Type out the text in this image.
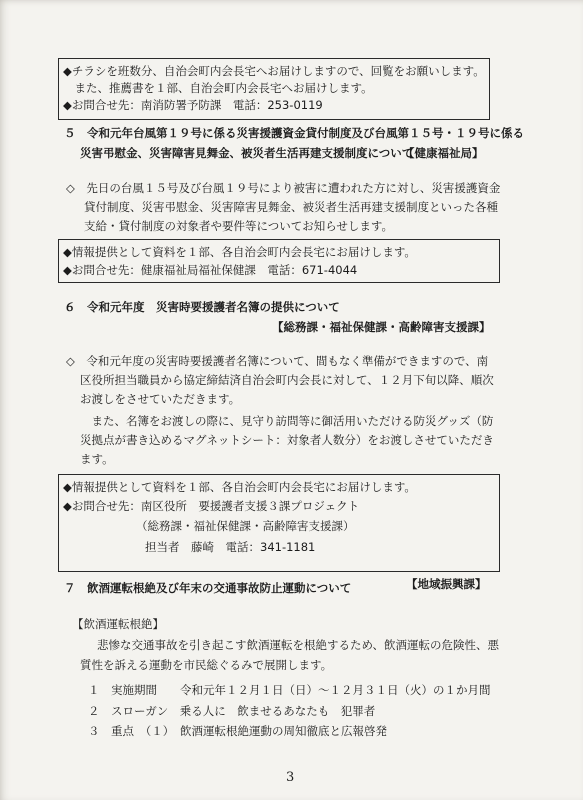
◆チラシを班数分、自治会町内会長宅へお届けしますので、回覧をお願いします。
　また、推薦書を１部、自治会町内会長宅へお届けします。
◆お問合せ先：南消防署予防課　電話：253-0119
５　令和元年台風第１９号に係る災害援護資金貸付制度及び台風第１５号・１９号に係る
災害弔慰金、災害障害見舞金、被災者生活再建支援制度について
【健康福祉局】
◇　先日の台風１５号及び台風１９号により被害に遭われた方に対し、災害援護資金
貸付制度、災害弔慰金、災害障害見舞金、被災者生活再建支援制度といった各種
支給・貸付制度の対象者や要件等についてお知らせします。
◆情報提供として資料を１部、各自治会町内会長宅にお届けします。
◆お問合せ先：健康福祉局福祉保健課　電話：671-4044
６　令和元年度　災害時要援護者名簿の提供について
【総務課・福祉保健課・高齢障害支援課】
◇　令和元年度の災害時要援護者名簿について、間もなく準備ができますので、南
区役所担当職員から協定締結済自治会町内会長に対して、１２月下旬以降、順次
お渡しをさせていただきます。
　また、名簿をお渡しの際に、見守り訪問等に御活用いただける防災グッズ（防
災拠点が書き込めるマグネットシート：対象者人数分）をお渡しさせていただき
ます。
◆情報提供として資料を１部、各自治会町内会長宅にお届けします。
◆お問合せ先：南区役所　要援護者支援３課プロジェクト
（総務課・福祉保健課・高齢障害支援課）
担当者　藤崎　電話：341-1181
７　飲酒運転根絶及び年末の交通事故防止運動について	【地域振興課】
【飲酒運転根絶】
悲惨な交通事故を引き起こす飲酒運転を根絶するため、飲酒運転の危険性、悪
質性を訴える運動を市民総ぐるみで展開します。
１　実施期間　　令和元年１２月１日（日）～１２月３１日（火）の１か月間
２　スローガン　乗る人に　飲ませるあなたも　犯罪者
３　重点　（１）　飲酒運転根絶運動の周知徹底と広報啓発
3
